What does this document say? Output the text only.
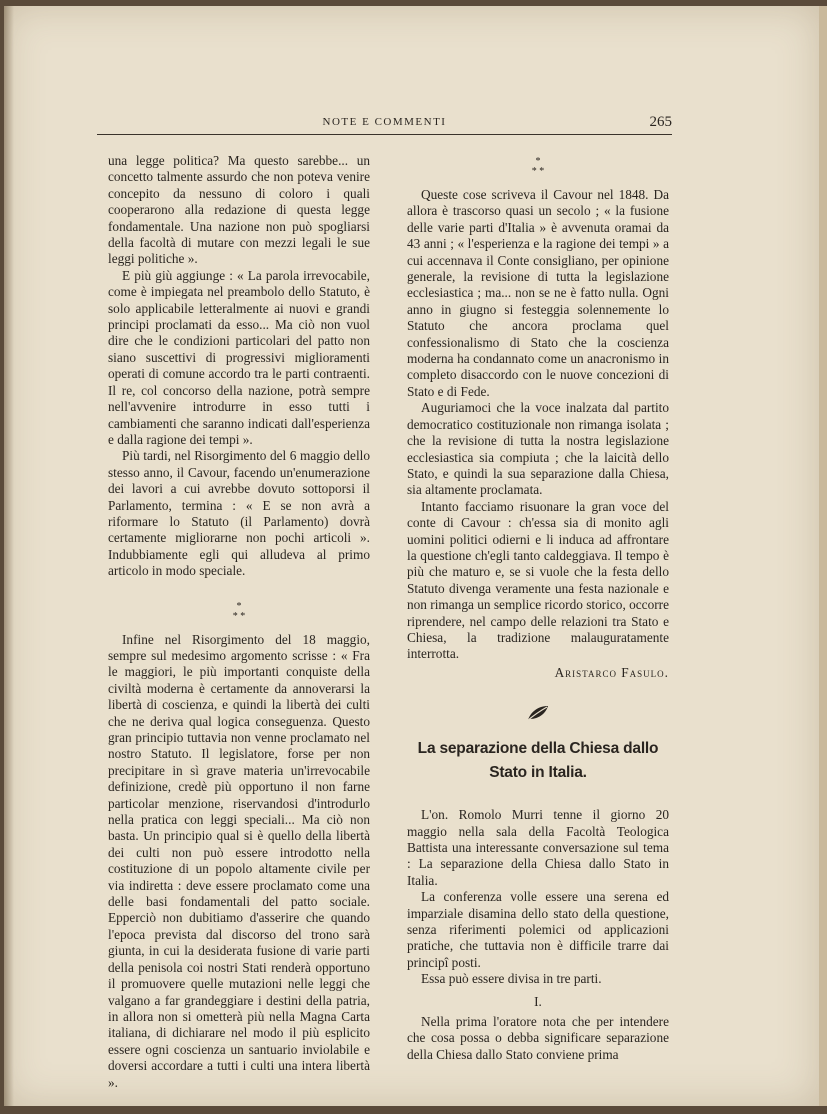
NOTE E COMMENTI	265

una legge politica? Ma questo sarebbe... un concetto talmente assurdo che non poteva venire concepito da nessuno di coloro i quali cooperarono alla redazione di questa legge fondamentale. Una nazione non può spogliarsi della facoltà di mutare con mezzi legali le sue leggi politiche ».

E più giù aggiunge : « La parola irrevocabile, come è impiegata nel preambolo dello Statuto, è solo applicabile letteralmente ai nuovi e grandi principi proclamati da esso... Ma ciò non vuol dire che le condizioni particolari del patto non siano suscettivi di progressivi miglioramenti operati di comune accordo tra le parti contraenti. Il re, col concorso della nazione, potrà sempre nell'avvenire introdurre in esso tutti i cambiamenti che saranno indicati dall'esperienza e dalla ragione dei tempi ».

Più tardi, nel Risorgimento del 6 maggio dello stesso anno, il Cavour, facendo un'enumerazione dei lavori a cui avrebbe dovuto sottoporsi il Parlamento, termina : « E se non avrà a riformare lo Statuto (il Parlamento) dovrà certamente migliorarne non pochi articoli ». Indubbiamente egli qui alludeva al primo articolo in modo speciale.

*
* *

Infine nel Risorgimento del 18 maggio, sempre sul medesimo argomento scrisse : « Fra le maggiori, le più importanti conquiste della civiltà moderna è certamente da annoverarsi la libertà di coscienza, e quindi la libertà dei culti che ne deriva qual logica conseguenza. Questo gran principio tuttavia non venne proclamato nel nostro Statuto. Il legislatore, forse per non precipitare in sì grave materia un'irrevocabile definizione, credè più opportuno il non farne particolar menzione, riservandosi d'introdurlo nella pratica con leggi speciali... Ma ciò non basta. Un principio qual si è quello della libertà dei culti non può essere introdotto nella costituzione di un popolo altamente civile per via indiretta : deve essere proclamato come una delle basi fondamentali del patto sociale. Epperciò non dubitiamo d'asserire che quando l'epoca prevista dal discorso del trono sarà giunta, in cui la desiderata fusione di varie parti della penisola coi nostri Stati renderà opportuno il promuovere quelle mutazioni nelle leggi che valgano a far grandeggiare i destini della patria, in allora non si ometterà più nella Magna Carta italiana, di dichiarare nel modo il più esplicito essere ogni coscienza un santuario inviolabile e doversi accordare a tutti i culti una intera libertà ».

*
* *

Queste cose scriveva il Cavour nel 1848. Da allora è trascorso quasi un secolo ; « la fusione delle varie parti d'Italia » è avvenuta oramai da 43 anni ; « l'esperienza e la ragione dei tempi » a cui accennava il Conte consigliano, per opinione generale, la revisione di tutta la legislazione ecclesiastica ; ma... non se ne è fatto nulla. Ogni anno in giugno si festeggia solennemente lo Statuto che ancora proclama quel confessionalismo di Stato che la coscienza moderna ha condannato come un anacronismo in completo disaccordo con le nuove concezioni di Stato e di Fede.

Auguriamoci che la voce inalzata dal partito democratico costituzionale non rimanga isolata ; che la revisione di tutta la nostra legislazione ecclesiastica sia compiuta ; che la laicità dello Stato, e quindi la sua separazione dalla Chiesa, sia altamente proclamata.

Intanto facciamo risuonare la gran voce del conte di Cavour : ch'essa sia di monito agli uomini politici odierni e li induca ad affrontare la questione ch'egli tanto caldeggiava. Il tempo è più che maturo e, se si vuole che la festa dello Statuto divenga veramente una festa nazionale e non rimanga un semplice ricordo storico, occorre riprendere, nel campo delle relazioni tra Stato e Chiesa, la tradizione malauguratamente interrotta.

Aristarco Fasulo.

La separazione della Chiesa dallo Stato in Italia.

L'on. Romolo Murri tenne il giorno 20 maggio nella sala della Facoltà Teologica Battista una interessante conversazione sul tema : La separazione della Chiesa dallo Stato in Italia.

La conferenza volle essere una serena ed imparziale disamina dello stato della questione, senza riferimenti polemici od applicazioni pratiche, che tuttavia non è difficile trarre dai principî posti.

Essa può essere divisa in tre parti.

I.

Nella prima l'oratore nota che per intendere che cosa possa o debba significare separazione della Chiesa dallo Stato conviene prima
